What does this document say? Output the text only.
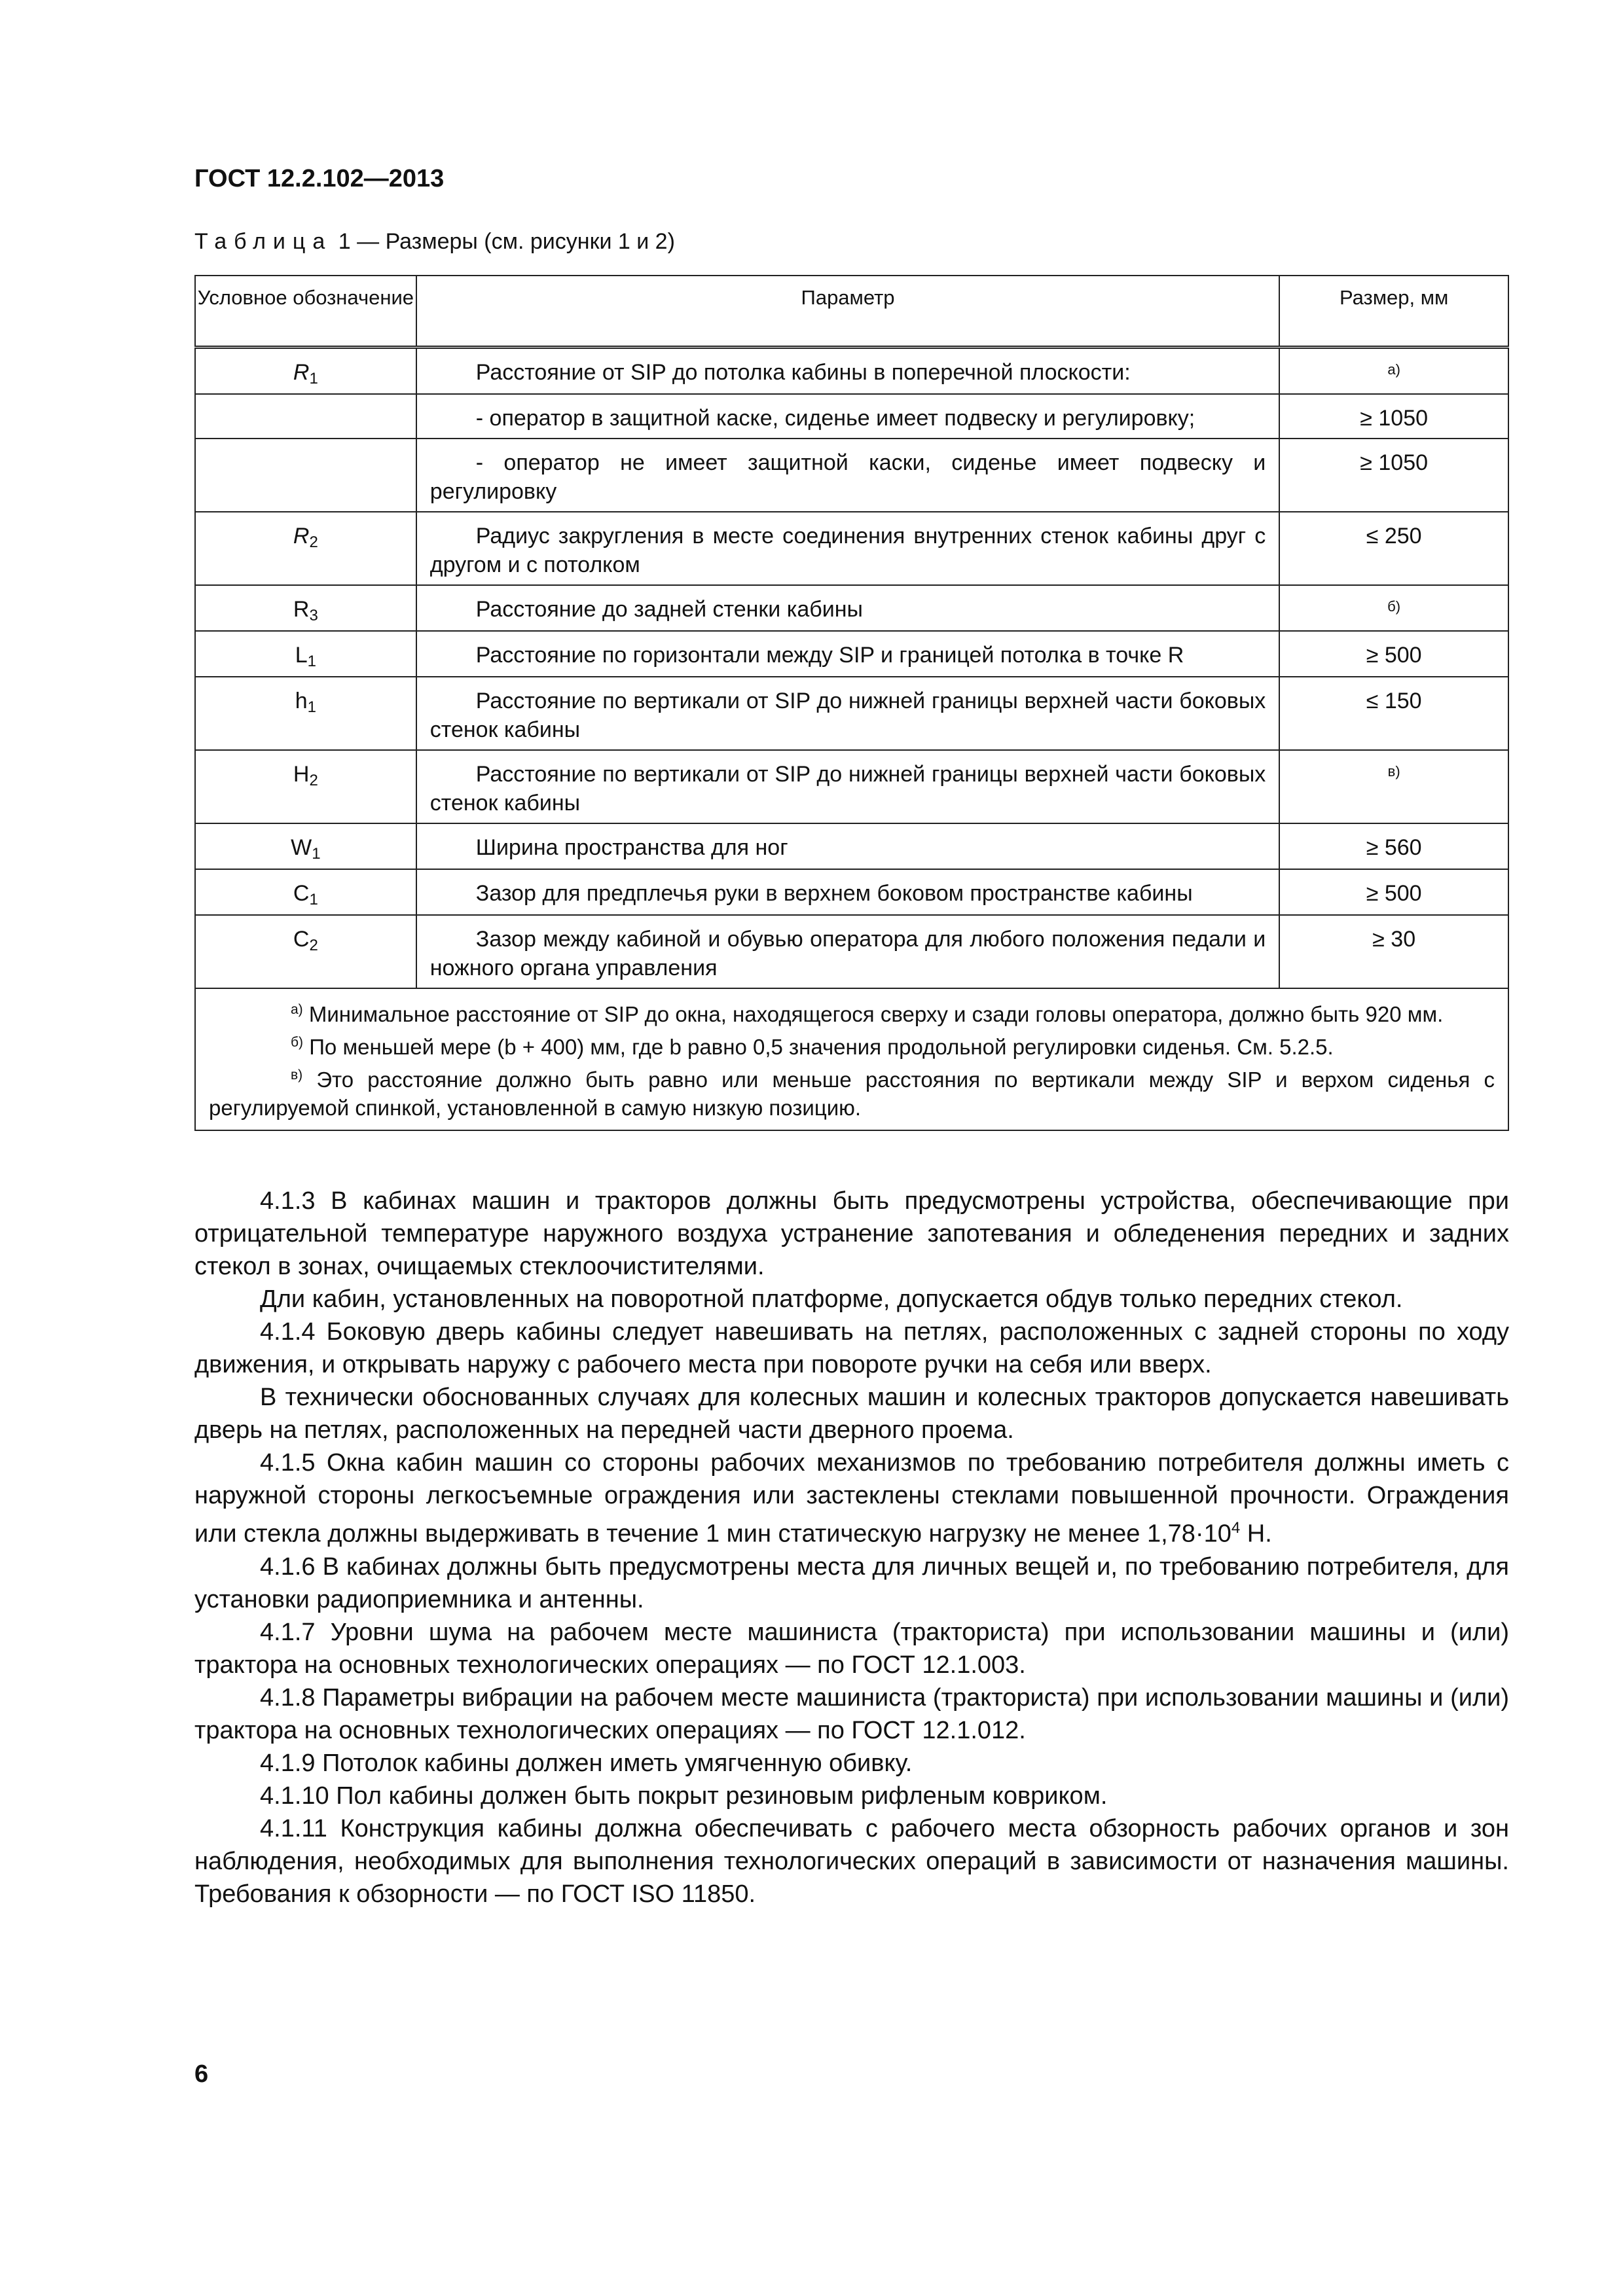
ГОСТ 12.2.102—2013
Таблица 1 — Размеры (см. рисунки 1 и 2)
Условное обозначение	Параметр	Размер, мм
$R_1$	Расстояние от SIP до потолка кабины в поперечной плоскости:	а)
	- оператор в защитной каске, сиденье имеет подвеску и регулировку;	≥ 1050
	- оператор не имеет защитной каски, сиденье имеет подвеску и регулировку	≥ 1050
$R_2$	Радиус закругления в месте соединения внутренних стенок кабины друг с другом и с потолком	≤ 250
$R_3$	Расстояние до задней стенки кабины	б)
$L_1$	Расстояние по горизонтали между SIP и границей потолка в точке R	≥ 500
$h_1$	Расстояние по вертикали от SIP до нижней границы верхней части боковых стенок кабины	≤ 150
$H_2$	Расстояние по вертикали от SIP до нижней границы верхней части боковых стенок кабины	в)
$W_1$	Ширина пространства для ног	≥ 560
$C_1$	Зазор для предплечья руки в верхнем боковом пространстве кабины	≥ 500
$C_2$	Зазор между кабиной и обувью оператора для любого положения педали и ножного органа управления	≥ 30

$^{а)}$ Минимальное расстояние от SIP до окна, находящегося сверху и сзади головы оператора, должно быть 920 мм.
$^{б)}$ По меньшей мере (b + 400) мм, где b равно 0,5 значения продольной регулировки сиденья. См. 5.2.5.
$^{в)}$ Это расстояние должно быть равно или меньше расстояния по вертикали между SIP и верхом сиденья с регулируемой спинкой, установленной в самую низкую позицию.		

4.1.3 В кабинах машин и тракторов должны быть предусмотрены устройства, обеспечивающие при отрицательной температуре наружного воздуха устранение запотевания и обледенения передних и задних стекол в зонах, очищаемых стеклоочистителями.

Дли кабин, установленных на поворотной платформе, допускается обдув только передних стекол.

4.1.4 Боковую дверь кабины следует навешивать на петлях, расположенных с задней стороны по ходу движения, и открывать наружу с рабочего места при повороте ручки на себя или вверх.

В технически обоснованных случаях для колесных машин и колесных тракторов допускается навешивать дверь на петлях, расположенных на передней части дверного проема.

4.1.5 Окна кабин машин со стороны рабочих механизмов по требованию потребителя должны иметь с наружной стороны легкосъемные ограждения или застеклены стеклами повышенной прочности. Ограждения или стекла должны выдерживать в течение 1 мин статическую нагрузку не менее $1,78\cdot 10^4$ Н.

4.1.6 В кабинах должны быть предусмотрены места для личных вещей и, по требованию потребителя, для установки радиоприемника и антенны.

4.1.7 Уровни шума на рабочем месте машиниста (тракториста) при использовании машины и (или) трактора на основных технологических операциях — по ГОСТ 12.1.003.

4.1.8 Параметры вибрации на рабочем месте машиниста (тракториста) при использовании машины и (или) трактора на основных технологических операциях — по ГОСТ 12.1.012.

4.1.9 Потолок кабины должен иметь умягченную обивку.

4.1.10 Пол кабины должен быть покрыт резиновым рифленым ковриком.

4.1.11 Конструкция кабины должна обеспечивать с рабочего места обзорность рабочих органов и зон наблюдения, необходимых для выполнения технологических операций в зависимости от назначения машины. Требования к обзорности — по ГОСТ ISO 11850.

6
